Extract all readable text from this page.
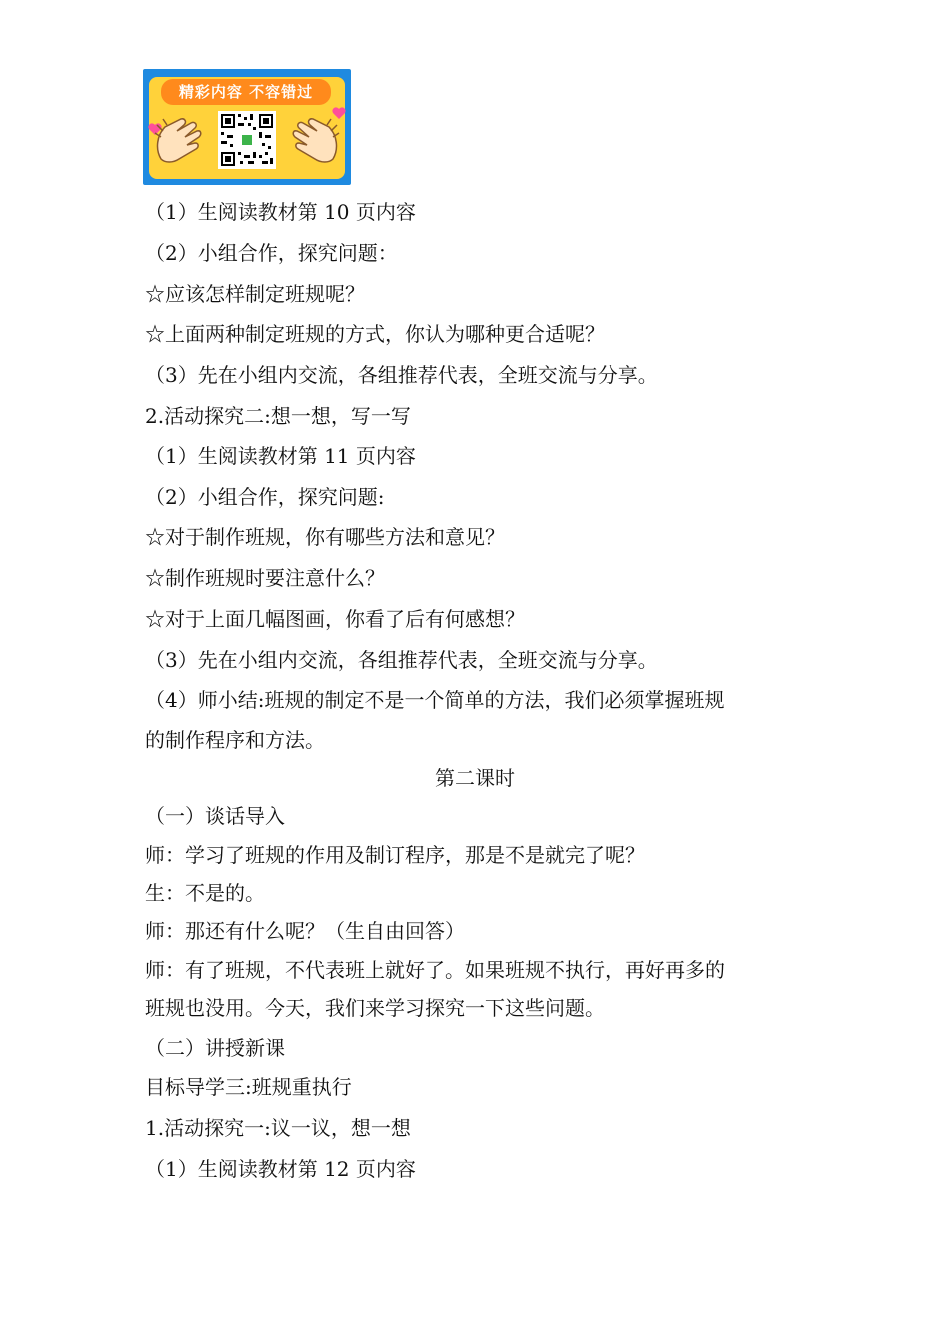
精彩内容 不容错过
（1）生阅读教材第 10 页内容
（2）小组合作，探究问题：
☆应该怎样制定班规呢？
☆上面两种制定班规的方式，你认为哪种更合适呢？
（3）先在小组内交流，各组推荐代表，全班交流与分享。
2.活动探究二:想一想，写一写
（1）生阅读教材第 11 页内容
（2）小组合作，探究问题:
☆对于制作班规，你有哪些方法和意见？
☆制作班规时要注意什么？
☆对于上面几幅图画，你看了后有何感想？
（3）先在小组内交流，各组推荐代表，全班交流与分享。
（4）师小结:班规的制定不是一个简单的方法，我们必须掌握班规
的制作程序和方法。
第二课时
（一）谈话导入
师：学习了班规的作用及制订程序，那是不是就完了呢？
生：不是的。
师：那还有什么呢？（生自由回答）
师：有了班规，不代表班上就好了。如果班规不执行，再好再多的
班规也没用。今天，我们来学习探究一下这些问题。
（二）讲授新课
目标导学三:班规重执行
1.活动探究一:议一议，想一想
（1）生阅读教材第 12 页内容
